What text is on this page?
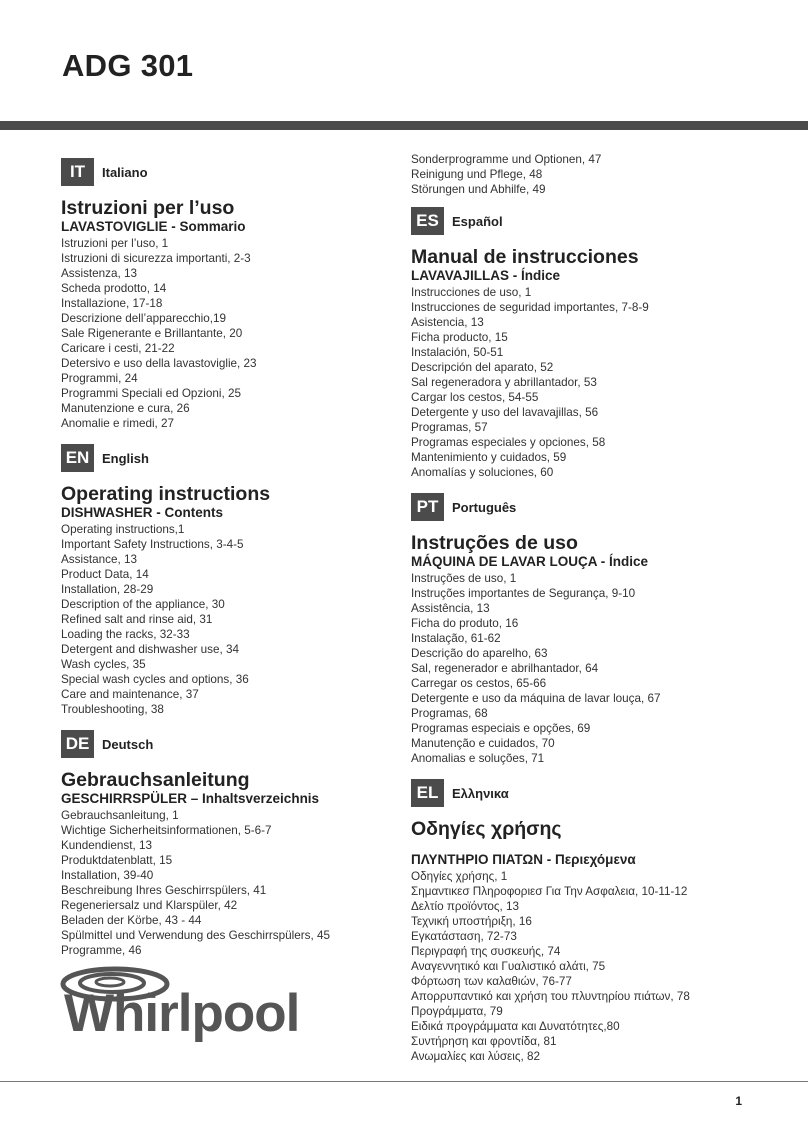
ADG 301
IT	Italiano
Istruzioni per l’uso
LAVASTOVIGLIE - Sommario
Istruzioni per l’uso, 1
Istruzioni di sicurezza importanti, 2-3
Assistenza, 13
Scheda prodotto, 14
Installazione, 17-18
Descrizione dell’apparecchio,19
Sale Rigenerante e Brillantante, 20
Caricare i cesti, 21-22
Detersivo e uso della lavastoviglie, 23
Programmi, 24
Programmi Speciali ed Opzioni, 25
Manutenzione e cura, 26
Anomalie e rimedi, 27
EN English
Operating instructions
DISHWASHER - Contents
Operating instructions,1
Important Safety Instructions, 3-4-5
Assistance, 13
Product Data, 14
Installation, 28-29
Description of the appliance, 30
Refined salt and rinse aid, 31
Loading the racks, 32-33
Detergent and dishwasher use, 34
Wash cycles, 35
Special wash cycles and options, 36
Care and maintenance, 37
Troubleshooting, 38
DE Deutsch
Gebrauchsanleitung
GESCHIRRSPÜLER – Inhaltsverzeichnis
Gebrauchsanleitung, 1
Wichtige Sicherheitsinformationen, 5-6-7
Kundendienst, 13
Produktdatenblatt, 15
Installation, 39-40
Beschreibung Ihres Geschirrspülers, 41
Regeneriersalz und Klarspüler, 42
Beladen der Körbe, 43 - 44
Spülmittel und Verwendung des Geschirrspülers, 45
Programme, 46
Sonderprogramme und Optionen, 47
Reinigung und Pflege, 48
Störungen und Abhilfe, 49
ES	Español
Manual de instrucciones
LAVAVAJILLAS - Índice
Instrucciones de uso, 1
Instrucciones de seguridad importantes, 7-8-9
Asistencia, 13
Ficha producto, 15
Instalación, 50-51
Descripción del aparato, 52
Sal regeneradora y abrillantador, 53
Cargar los cestos, 54-55
Detergente y uso del lavavajillas, 56
Programas, 57
Programas especiales y opciones, 58
Mantenimiento y cuidados, 59
Anomalías y soluciones, 60
PT	Português
Instruções de uso
MÁQUINA DE LAVAR LOUÇA - Índice
Instruções de uso, 1
Instruções importantes de Segurança, 9-10
Assistência, 13
Ficha do produto, 16
Instalação, 61-62
Descrição do aparelho, 63
Sal, regenerador e abrilhantador, 64
Carregar os cestos, 65-66
Detergente e uso da máquina de lavar louça, 67
Programas, 68
Programas especiais e opções, 69
Manutenção e cuidados, 70
Anomalias e soluções, 71
EL	Ελληνικα
Οδηγίες χρήσης
ΠΛΥΝΤΗΡΙΟ ΠΙΑΤΩΝ - Περιεχόμενα
Οδηγίες χρήσης, 1
Σημαντικεσ Πληροφοριεσ Για Την Ασφαλεια, 10-11-12
Δελτίο προϊόντος, 13
Τεχνική υποστήριξη, 16
Εγκατάσταση, 72-73
Περιγραφή της συσκευής, 74
Αναγεννητικό και Γυαλιστικό αλάτι, 75
Φόρτωση των καλαθιών, 76-77
Απορρυπαντικό και χρήση του πλυντηρίου πιάτων, 78
Προγράμματα, 79
Ειδικά προγράμματα και Δυνατότητες,80
Συντήρηση και φροντίδα, 81
Ανωμαλίες και λύσεις, 82
Whirlpool
1
